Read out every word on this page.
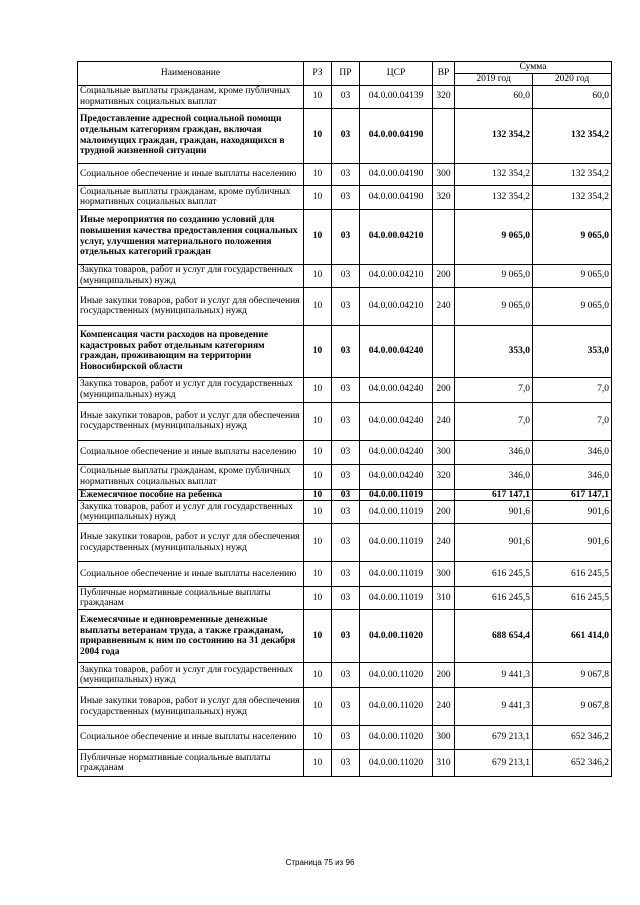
Наименование	РЗ	ПР	ЦСР	ВР	Сумма	
					2019 год	2020 год
Социальные выплаты гражданам, кроме публичных нормативных социальных выплат	10	03	04.0.00.04139	320	60,0	60,0
Предоставление адресной социальной помощи отдельным категориям граждан, включая малоимущих граждан, граждан, находящихся в трудной жизненной ситуации	10	03	04.0.00.04190		132 354,2	132 354,2
Социальное обеспечение и иные выплаты населению	10	03	04.0.00.04190	300	132 354,2	132 354,2
Социальные выплаты гражданам, кроме публичных нормативных социальных выплат	10	03	04.0.00.04190	320	132 354,2	132 354,2
Иные мероприятия по созданию условий для повышения качества предоставления социальных услуг, улучшения материального положения отдельных категорий граждан	10	03	04.0.00.04210		9 065,0	9 065,0
Закупка товаров, работ и услуг для государственных (муниципальных) нужд	10	03	04.0.00.04210	200	9 065,0	9 065,0
Иные закупки товаров, работ и услуг для обеспечения государственных (муниципальных) нужд	10	03	04.0.00.04210	240	9 065,0	9 065,0
Компенсация части расходов на проведение кадастровых работ отдельным категориям граждан, проживающим на территории Новосибирской области	10	03	04.0.00.04240		353,0	353,0
Закупка товаров, работ и услуг для государственных (муниципальных) нужд	10	03	04.0.00.04240	200	7,0	7,0
Иные закупки товаров, работ и услуг для обеспечения государственных (муниципальных) нужд	10	03	04.0.00.04240	240	7,0	7,0
Социальное обеспечение и иные выплаты населению	10	03	04.0.00.04240	300	346,0	346,0
Социальные выплаты гражданам, кроме публичных нормативных социальных выплат	10	03	04.0.00.04240	320	346,0	346,0
Ежемесячное пособие на ребенка	10	03	04.0.00.11019		617 147,1	617 147,1
Закупка товаров, работ и услуг для государственных (муниципальных) нужд	10	03	04.0.00.11019	200	901,6	901,6
Иные закупки товаров, работ и услуг для обеспечения государственных (муниципальных) нужд	10	03	04.0.00.11019	240	901,6	901,6
Социальное обеспечение и иные выплаты населению	10	03	04.0.00.11019	300	616 245,5	616 245,5
Публичные нормативные социальные выплаты гражданам	10	03	04.0.00.11019	310	616 245,5	616 245,5
Ежемесячные и единовременные денежные выплаты ветеранам труда, а также гражданам, приравненным к ним по состоянию на 31 декабря 2004 года	10	03	04.0.00.11020		688 654,4	661 414,0
Закупка товаров, работ и услуг для государственных (муниципальных) нужд	10	03	04.0.00.11020	200	9 441,3	9 067,8
Иные закупки товаров, работ и услуг для обеспечения государственных (муниципальных) нужд	10	03	04.0.00.11020	240	9 441,3	9 067,8
Социальное обеспечение и иные выплаты населению	10	03	04.0.00.11020	300	679 213,1	652 346,2
Публичные нормативные социальные выплаты гражданам	10	03	04.0.00.11020	310	679 213,1	652 346,2
Страница 75 из 96
